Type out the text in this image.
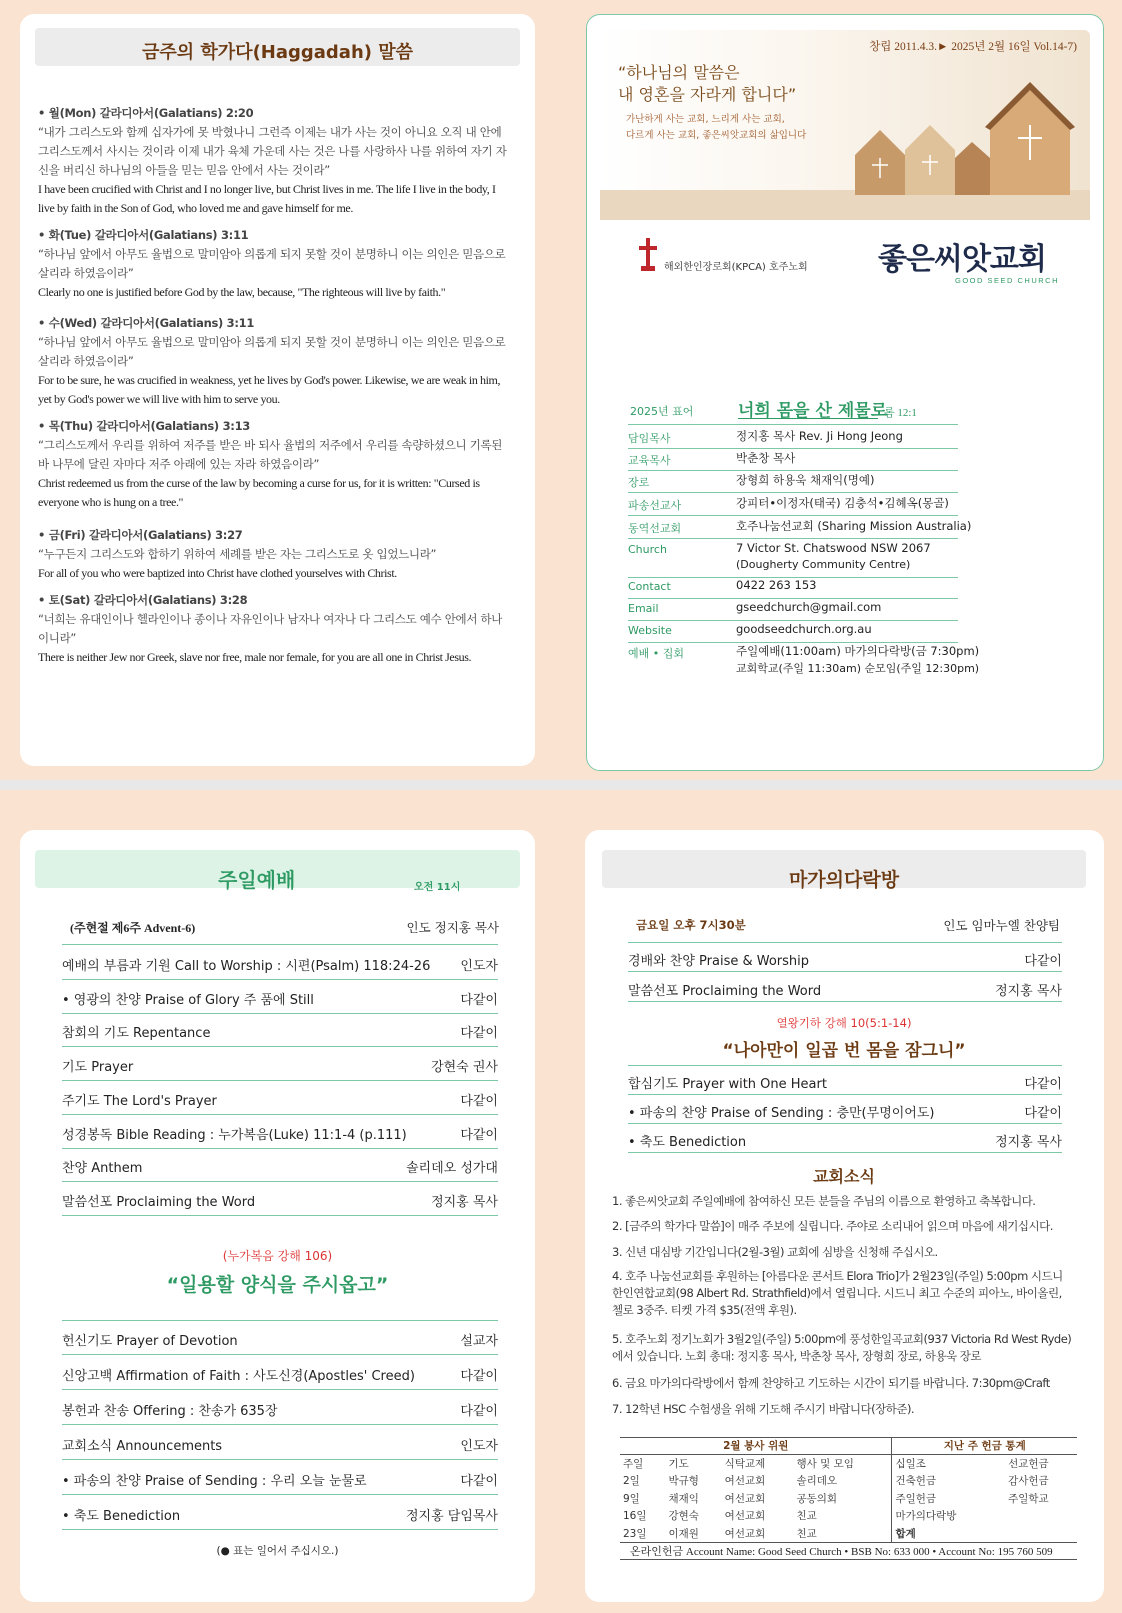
금주의 학가다(Haggadah) 말씀
• 월(Mon) 갈라디아서(Galatians) 2:20
“내가 그리스도와 함께 십자가에 못 박혔나니 그런즉 이제는 내가 사는 것이 아니요 오직 내 안에 그리스도께서 사시는 것이라 이제 내가 육체 가운데 사는 것은 나를 사랑하사 나를 위하여 자기 자신을 버리신 하나님의 아들을 믿는 믿음 안에서 사는 것이라”
I have been crucified with Christ and I no longer live, but Christ lives in me. The life I live in the body, I live by faith in the Son of God, who loved me and gave himself for me.
• 화(Tue) 갈라디아서(Galatians) 3:11
“하나님 앞에서 아무도 율법으로 말미암아 의롭게 되지 못할 것이 분명하니 이는 의인은 믿음으로 살리라 하였음이라”
Clearly no one is justified before God by the law, because, "The righteous will live by faith."
• 수(Wed) 갈라디아서(Galatians) 3:11
“하나님 앞에서 아무도 율법으로 말미암아 의롭게 되지 못할 것이 분명하니 이는 의인은 믿음으로 살리라 하였음이라”
For to be sure, he was crucified in weakness, yet he lives by God's power. Likewise, we are weak in him, yet by God's power we will live with him to serve you.
• 목(Thu) 갈라디아서(Galatians) 3:13
“그리스도께서 우리를 위하여 저주를 받은 바 되사 율법의 저주에서 우리를 속량하셨으니 기록된 바 나무에 달린 자마다 저주 아래에 있는 자라 하였음이라”
Christ redeemed us from the curse of the law by becoming a curse for us, for it is written: "Cursed is everyone who is hung on a tree."
• 금(Fri) 갈라디아서(Galatians) 3:27
“누구든지 그리스도와 합하기 위하여 세례를 받은 자는 그리스도로 옷 입었느니라”
For all of you who were baptized into Christ have clothed yourselves with Christ.
• 토(Sat) 갈라디아서(Galatians) 3:28
“너희는 유대인이나 헬라인이나 종이나 자유인이나 남자나 여자나 다 그리스도 예수 안에서 하나이니라”
There is neither Jew nor Greek, slave nor free, male nor female, for you are all one in Christ Jesus.
창립 2011.4.3.► 2025년 2월 16일 Vol.14-7)
“하나님의 말씀은
내 영혼을 자라게 합니다”
가난하게 사는 교회, 느리게 사는 교회,
다르게 사는 교회, 좋은씨앗교회의 삶입니다
해외한인장로회(KPCA) 호주노회 좋은씨앗교회
GOOD SEED CHURCH
2025년 표어	너희 몸을 산 제물로
롬 12:1
담임목사	정지홍 목사 Rev. Ji Hong Jeong
교육목사	박춘창 목사
장로	장형희 하용욱 채재익(명예)
파송선교사	강피터•이정자(태국) 김충석•김혜옥(몽골)
동역선교회	호주나눔선교회 (Sharing Mission Australia)
Church	7 Victor St. Chatswood NSW 2067
(Dougherty Community Centre)
Contact	0422 263 153
Email	gseedchurch@gmail.com
Website	goodseedchurch.org.au
예배 • 집회	주일예배(11:00am) 마가의다락방(금 7:30pm)
교회학교(주일 11:30am) 순모임(주일 12:30pm)
주일예배	오전 11시
(주현절 제6주 Advent-6)	인도 정지홍 목사
예배의 부름과 기원 Call to Worship : 시편(Psalm) 118:24-26 인도자
• 영광의 찬양 Praise of Glory 주 품에 Still	다같이
참회의 기도 Repentance	다같이
기도 Prayer	강현숙 권사
주기도 The Lord's Prayer	다같이
성경봉독 Bible Reading : 누가복음(Luke) 11:1-4 (p.111)	다같이
찬양 Anthem	솔리데오 성가대
말씀선포 Proclaiming the Word	정지홍 목사
(누가복음 강해 106)
“일용할 양식을 주시옵고”
헌신기도 Prayer of Devotion	설교자
신앙고백 Affirmation of Faith : 사도신경(Apostles' Creed)	다같이
봉헌과 찬송 Offering : 찬송가 635장	다같이
교회소식 Announcements	인도자
• 파송의 찬양 Praise of Sending : 우리 오늘 눈물로	다같이
• 축도 Benediction	정지홍 담임목사
(● 표는 일어서 주십시오.)
마가의다락방
금요일 오후 7시30분	인도 임마누엘 찬양팀
경배와 찬양 Praise & Worship	다같이
말씀선포 Proclaiming the Word	정지홍 목사
열왕기하 강해 10(5:1-14)
“나아만이 일곱 번 몸을 잠그니”
합심기도 Prayer with One Heart	다같이
• 파송의 찬양 Praise of Sending : 충만(무명이어도)	다같이
• 축도 Benediction	정지홍 목사
교회소식
1. 좋은씨앗교회 주일예배에 참여하신 모든 분들을 주님의 이름으로 환영하고 축복합니다.
2. [금주의 학가다 말씀]이 매주 주보에 실립니다. 주야로 소리내어 읽으며 마음에 새기십시다.
3. 신년 대심방 기간입니다(2월-3월) 교회에 심방을 신청해 주십시오.
4. 호주 나눔선교회를 후원하는 [아름다운 콘서트 Elora Trio]가 2월23일(주일) 5:00pm 시드니 한인연합교회(98 Albert Rd. Strathfield)에서 열립니다. 시드니 최고 수준의 피아노, 바이올린, 첼로 3중주. 티켓 가격 $35(전액 후원).
5. 호주노회 정기노회가 3월2일(주일) 5:00pm에 풍성한일곡교회(937 Victoria Rd West Ryde)에서 있습니다. 노회 총대: 정지홍 목사, 박춘창 목사, 장형희 장로, 하용욱 장로
6. 금요 마가의다락방에서 함께 찬양하고 기도하는 시간이 되기를 바랍니다. 7:30pm@Craft
7. 12학년 HSC 수험생을 위해 기도해 주시기 바랍니다(장하준).
2월 봉사 위원				지난 주 헌금 통계		
주일	기도	식탁교제	행사 및 모임	십일조		선교헌금
2일	박규형	여선교회	솔리데오	건축헌금		감사헌금
9일	채재익	여선교회	공동의회	주일헌금		주일학교
16일	강현숙	여선교회	친교	마가의다락방		
23일	이재원	여선교회	친교	합계		
온라인헌금 Account Name: Good Seed Church • BSB No: 633 000 • Account No: 195 760 509						
